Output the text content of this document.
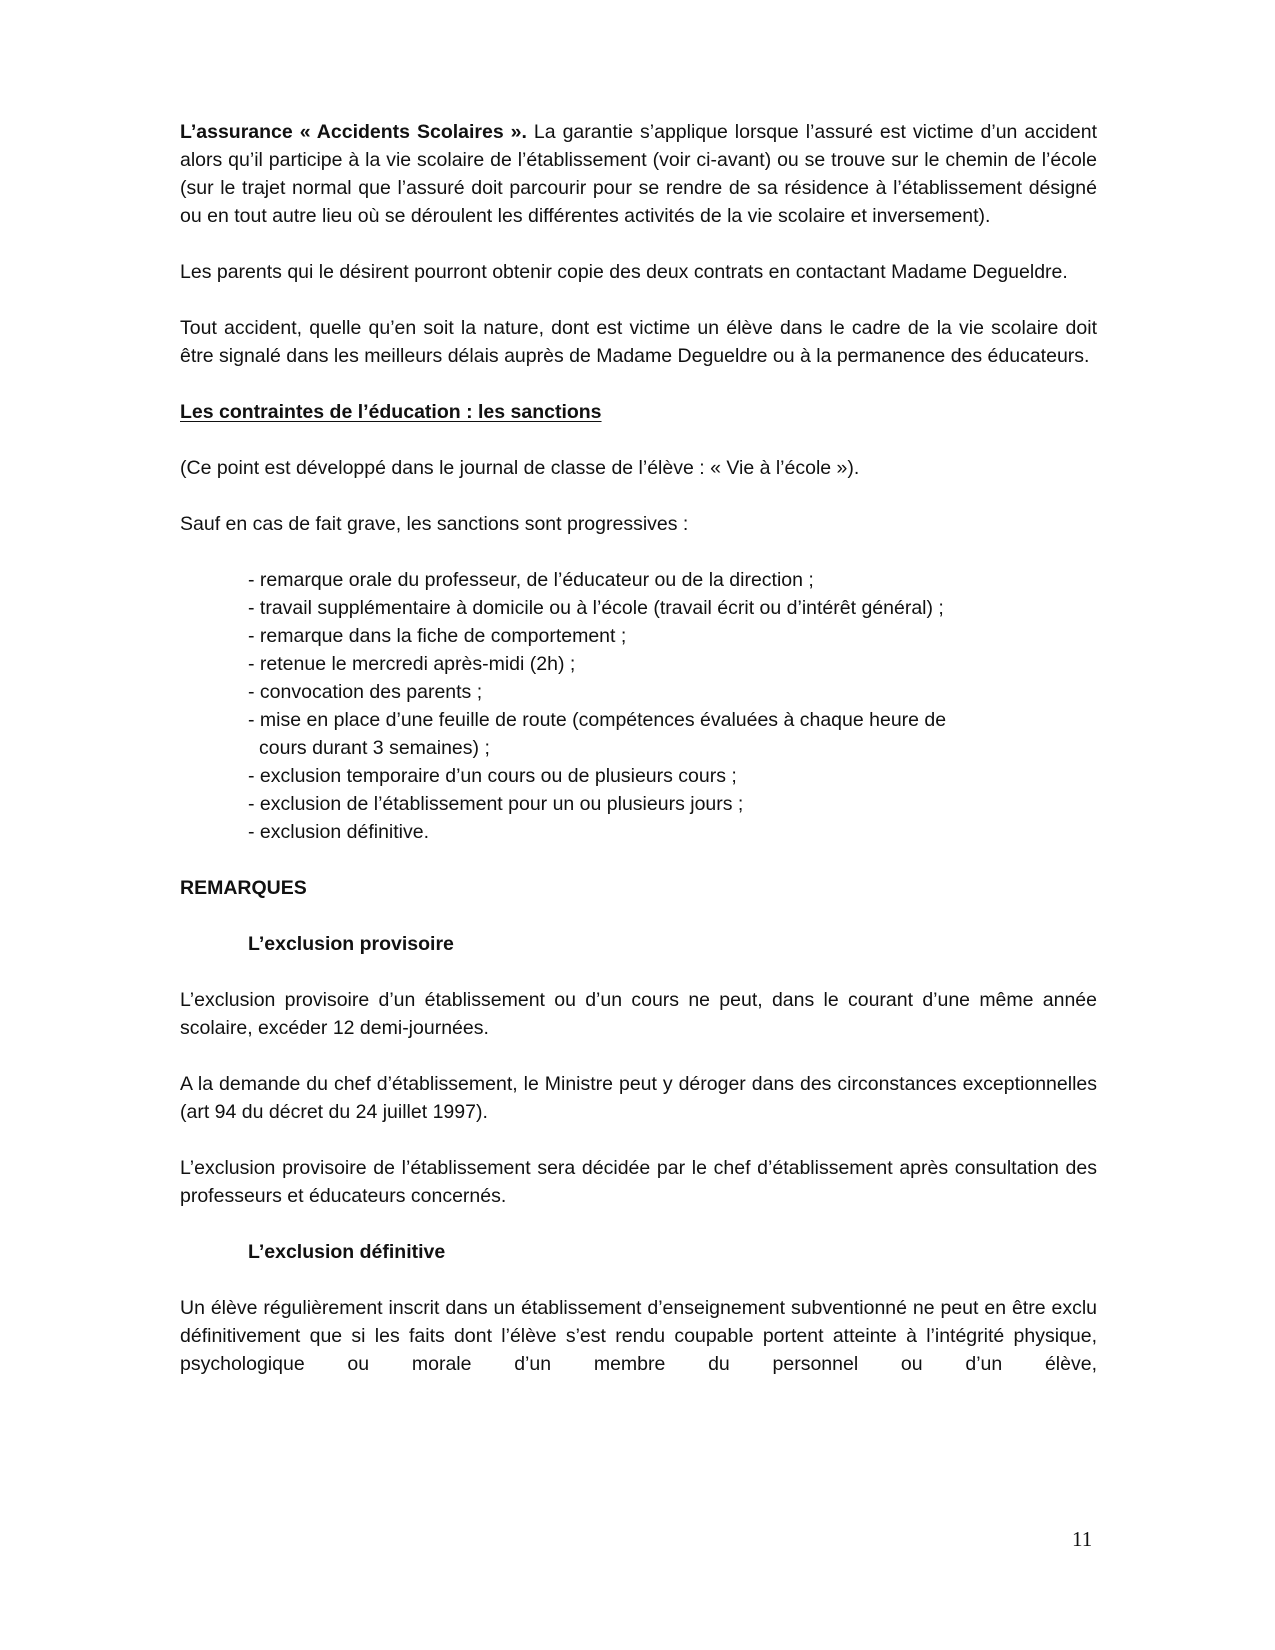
L’assurance « Accidents Scolaires ». La garantie s’applique lorsque l’assuré est victime d’un accident alors qu’il participe à la vie scolaire de l’établissement (voir ci-avant) ou se trouve sur le chemin de l’école (sur le trajet normal que l’assuré doit parcourir pour se rendre de sa résidence à l’établissement désigné ou en tout autre lieu où se déroulent les différentes activités de la vie scolaire et inversement).

Les parents qui le désirent pourront obtenir copie des deux contrats en contactant Madame Degueldre.

Tout accident, quelle qu’en soit la nature, dont est victime un élève dans le cadre de la vie scolaire doit être signalé dans les meilleurs délais auprès de Madame Degueldre ou à la permanence des éducateurs.

Les contraintes de l’éducation : les sanctions

(Ce point est développé dans le journal de classe de l’élève : « Vie à l’école »).

Sauf en cas de fait grave, les sanctions sont progressives :

- remarque orale du professeur, de l’éducateur ou de la direction ;
- travail supplémentaire à domicile ou à l’école (travail écrit ou d’intérêt général) ;
- remarque dans la fiche de comportement ;
- retenue le mercredi après-midi (2h) ;
- convocation des parents ;
- mise en place d’une feuille de route (compétences évaluées à chaque heure de cours durant 3 semaines) ;
- exclusion temporaire d’un cours ou de plusieurs cours ;
- exclusion de l’établissement pour un ou plusieurs jours ;
- exclusion définitive.

REMARQUES

L’exclusion provisoire

L’exclusion provisoire d’un établissement ou d’un cours ne peut, dans le courant d’une même année scolaire, excéder 12 demi-journées.

A la demande du chef d’établissement, le Ministre peut y déroger dans des circonstances exceptionnelles (art 94 du décret du 24 juillet 1997).

L’exclusion provisoire de l’établissement sera décidée par le chef d’établissement après consultation des professeurs et éducateurs concernés.

L’exclusion définitive

Un élève régulièrement inscrit dans un établissement d’enseignement subventionné ne peut en être exclu définitivement que si les faits dont l’élève s’est rendu coupable portent atteinte à l’intégrité physique, psychologique ou morale d’un membre du personnel ou d’un élève,

11
